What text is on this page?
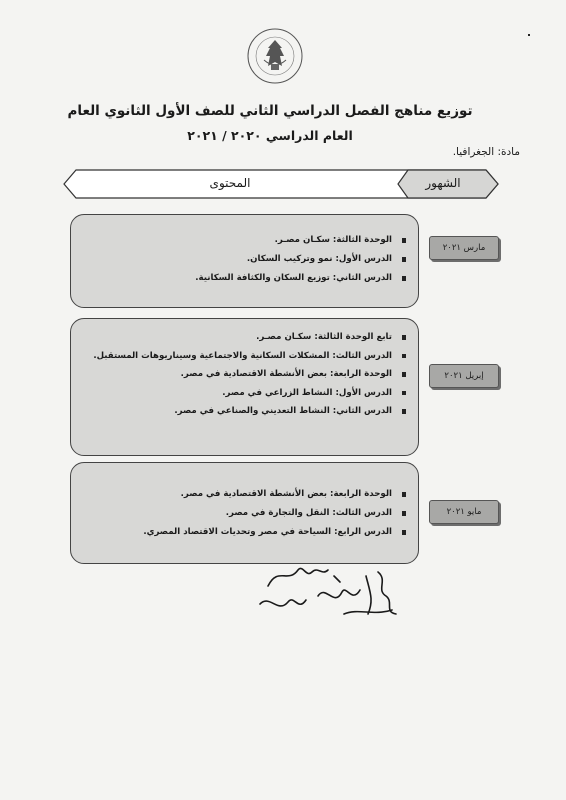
توزيع مناهج الفصل الدراسي الثاني للصف الأول الثانوي العام
العام الدراسي ٢٠٢٠ / ٢٠٢١
مادة: الجغرافيا.
المحتوى	الشهور
الوحدة الثالثة: سكـان مصـر.
الدرس الأول: نمو وتركيب السكان.
الدرس الثاني: توزيع السكان والكثافة السكانية.
مارس ٢٠٢١
تابع الوحدة الثالثة: سكـان مصـر.
الدرس الثالث: المشكلات السكانية والاجتماعية وسيناريوهات المستقبل.
الوحدة الرابعة: بعض الأنشطة الاقتصادية في مصر.
الدرس الأول: النشاط الزراعي في مصر.
الدرس الثاني: النشاط التعديني والصناعي في مصر.
إبريل ٢٠٢١
الوحدة الرابعة: بعض الأنشطة الاقتصادية في مصر.
الدرس الثالث: النقل والتجارة في مصر.
الدرس الرابع: السياحة في مصر وتحديات الاقتصاد المصري.
مايو ٢٠٢١
